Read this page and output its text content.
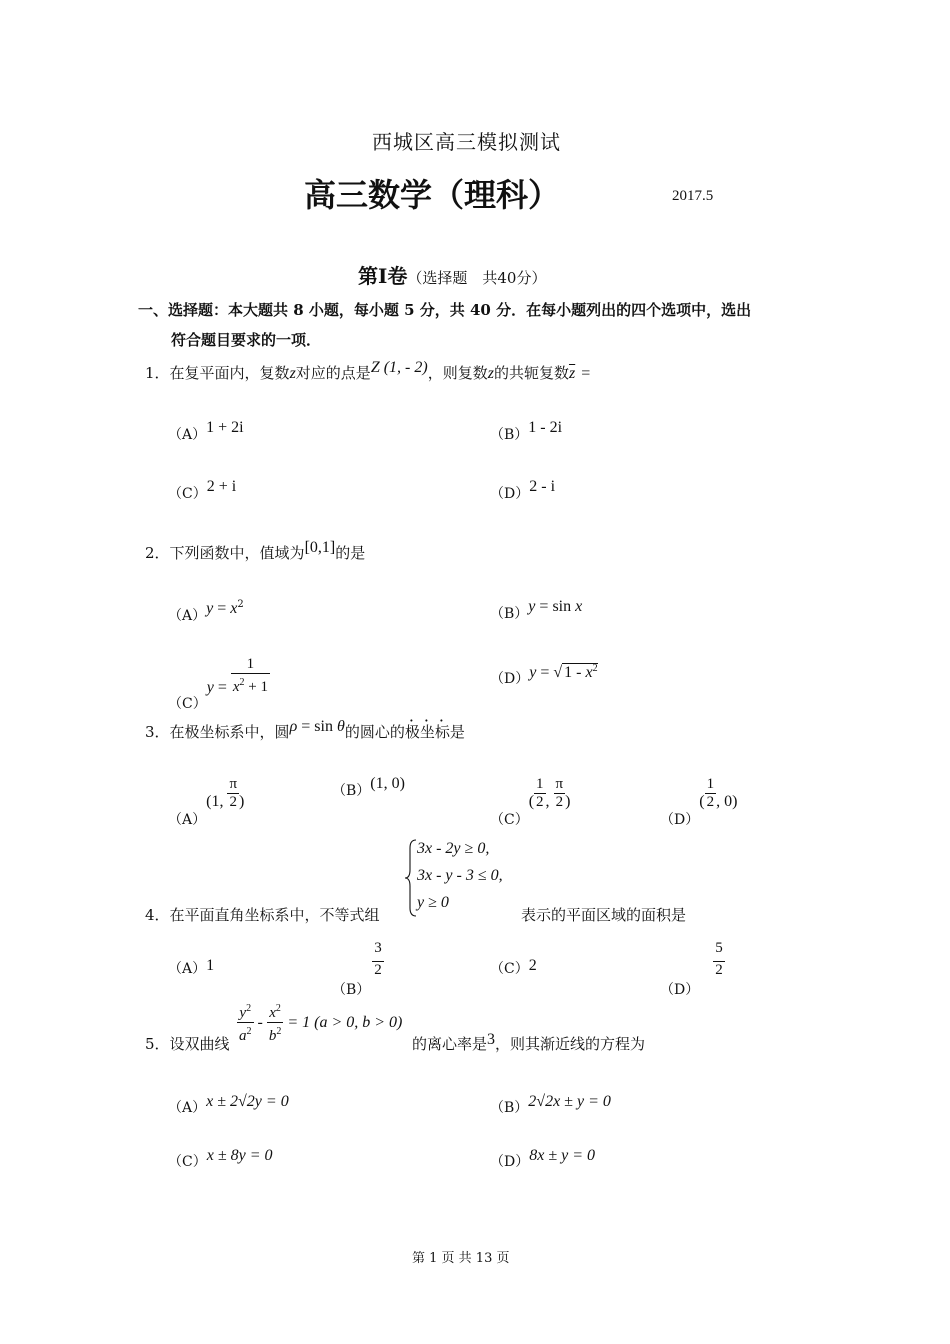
西城区高三模拟测试
高三数学（理科）	2017.5
第Ⅰ卷（选择题　共40分）
一、选择题：本大题共 8 小题，每小题 5 分，共 40 分．在每小题列出的四个选项中，选出
符合题目要求的一项．
1．在复平面内，复数z对应的点是Z (1, - 2)，则复数z的共轭复数$\overline{z}$ =
（A）1 + 2i	（B）1 - 2i
（C）2 + i	（D）2 - i
2．下列函数中，值域为[0,1]的是
$(A)y = x^2$
（B）y = sin x
$(C)y = \frac{1}{x^2 + 1}$	（D）y = √ $1 - x^2$
3．在极坐标系中，圆ρ = sin θ的圆心的极坐标是
（A）(1, $\frac{\pi}{2}$ )
（B）(1, 0)
$(C)( \frac{1}{2}$ , $\frac{\pi}{2}$ )
$(D)( \frac{1}{2}$ , 0)
4．在平面直角坐标系中，不等式组
3x - 2y ≥ 0,
3x - y - 3 ≤ 0,
y ≥ 0
表示的平面区域的面积是
（A）1
（B）
$\frac{3}{2}$	（C）2
（D）
$\frac{5}{2}$
5．设双曲线 $\frac{y^2}{a^2} - \frac{x^2}{b^2} = 1$ (a > 0, b > 0)
的离心率是3，则其渐近线的方程为
（A）x ± 2√2y = 0	（B）2√2x ± y = 0
（C）x ± 8y = 0	（D）8x ± y = 0
第 1 页 共 13 页
